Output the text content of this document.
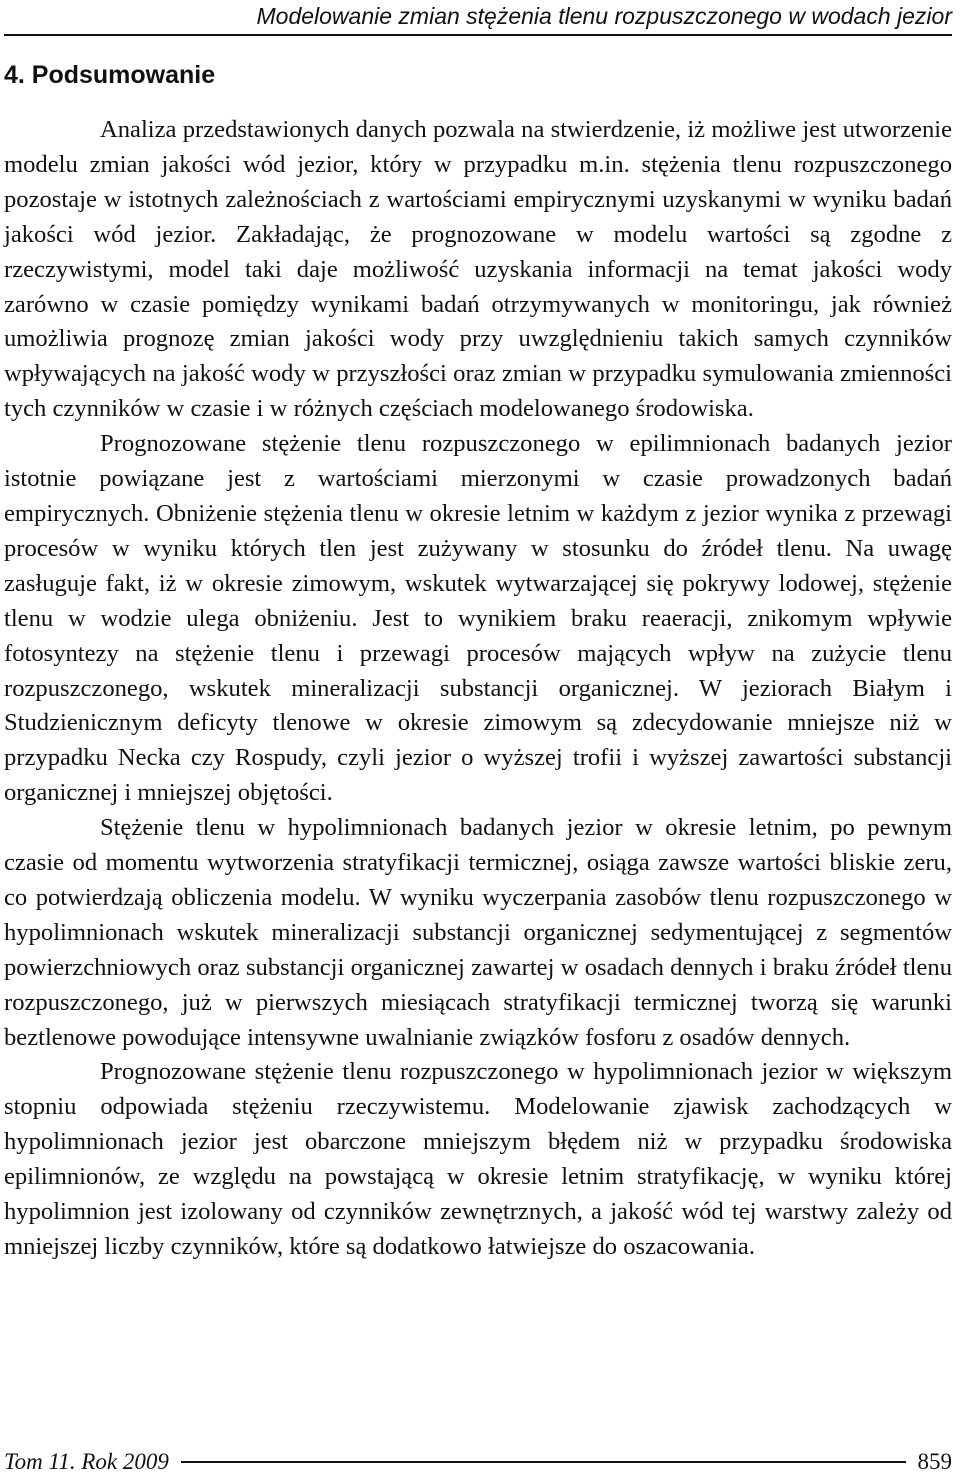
Modelowanie zmian stężenia tlenu rozpuszczonego w wodach jezior
4. Podsumowanie

Analiza przedstawionych danych pozwala na stwierdzenie, iż możliwe jest utworzenie modelu zmian jakości wód jezior, który w przypadku m.in. stężenia tlenu rozpuszczonego pozostaje w istotnych zależnościach z wartościami empirycznymi uzyskanymi w wyniku badań jakości wód jezior. Zakładając, że prognozowane w modelu wartości są zgodne z rzeczywistymi, model taki daje możliwość uzyskania informacji na temat jakości wody zarówno w czasie pomiędzy wynikami badań otrzymywanych w monitoringu, jak również umożliwia prognozę zmian jakości wody przy uwzględnieniu takich samych czynników wpływających na jakość wody w przyszłości oraz zmian w przypadku symulowania zmienności tych czynników w czasie i w różnych częściach modelowanego środowiska.

Prognozowane stężenie tlenu rozpuszczonego w epilimnionach badanych jezior istotnie powiązane jest z wartościami mierzonymi w czasie prowadzonych badań empirycznych. Obniżenie stężenia tlenu w okresie letnim w każdym z jezior wynika z przewagi procesów w wyniku których tlen jest zużywany w stosunku do źródeł tlenu. Na uwagę zasługuje fakt, iż w okresie zimowym, wskutek wytwarzającej się pokrywy lodowej, stężenie tlenu w wodzie ulega obniżeniu. Jest to wynikiem braku reaeracji, znikomym wpływie fotosyntezy na stężenie tlenu i przewagi procesów mających wpływ na zużycie tlenu rozpuszczonego, wskutek mineralizacji substancji organicznej. W jeziorach Białym i Studzienicznym deficyty tlenowe w okresie zimowym są zdecydowanie mniejsze niż w przypadku Necka czy Rospudy, czyli jezior o wyższej trofii i wyższej zawartości substancji organicznej i mniejszej objętości.

Stężenie tlenu w hypolimnionach badanych jezior w okresie letnim, po pewnym czasie od momentu wytworzenia stratyfikacji termicznej, osiąga zawsze wartości bliskie zeru, co potwierdzają obliczenia modelu. W wyniku wyczerpania zasobów tlenu rozpuszczonego w hypolimnionach wskutek mineralizacji substancji organicznej sedymentującej z segmentów powierzchniowych oraz substancji organicznej zawartej w osadach dennych i braku źródeł tlenu rozpuszczonego, już w pierwszych miesiącach stratyfikacji termicznej tworzą się warunki beztlenowe powodujące intensywne uwalnianie związków fosforu z osadów dennych.

Prognozowane stężenie tlenu rozpuszczonego w hypolimnionach jezior w większym stopniu odpowiada stężeniu rzeczywistemu. Modelowanie zjawisk zachodzących w hypolimnionach jezior jest obarczone mniejszym błędem niż w przypadku środowiska epilimnionów, ze względu na powstającą w okresie letnim stratyfikację, w wyniku której hypolimnion jest izolowany od czynników zewnętrznych, a jakość wód tej warstwy zależy od mniejszej liczby czynników, które są dodatkowo łatwiejsze do oszacowania.

Tom 11. Rok 2009	859
